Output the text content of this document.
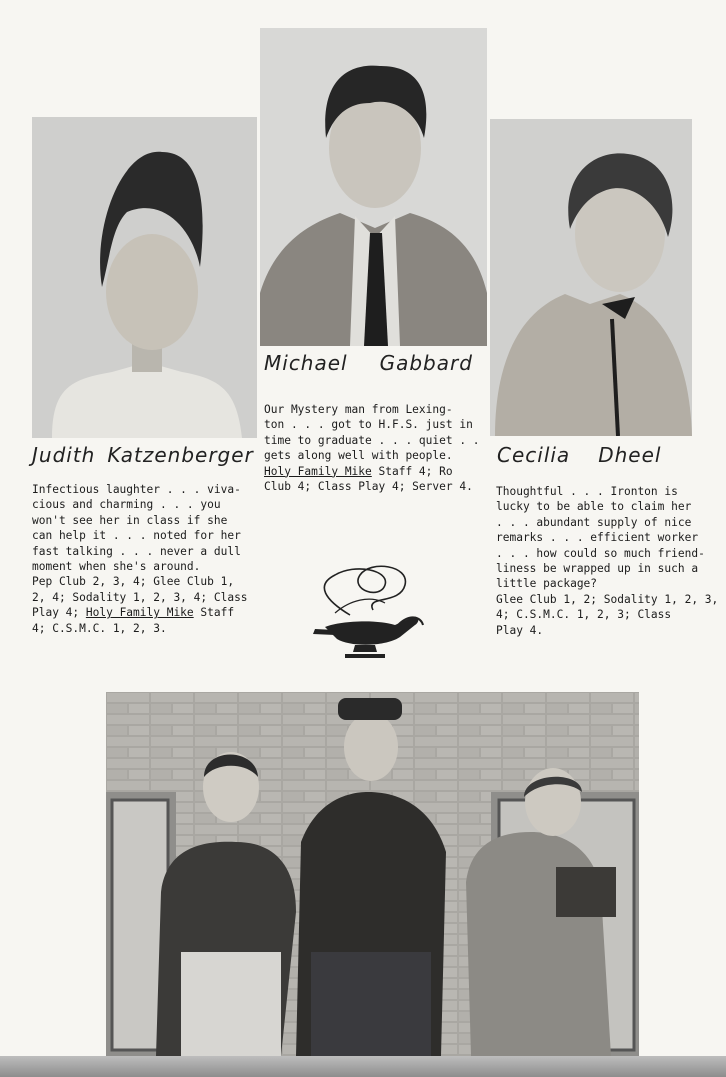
Judith Katzenberger
Michael Gabbard
Cecilia Dheel
Infectious laughter . . . viva-
cious and charming . . . you
won't see her in class if she
can help it . . . noted for her
fast talking . . . never a dull
moment when she's around.
Pep Club 2, 3, 4; Glee Club 1,
2, 4; Sodality 1, 2, 3, 4; Class
Play 4; Holy Family Mike Staff
4; C.S.M.C. 1, 2, 3.
Our Mystery man from Lexing-
ton . . . got to H.F.S. just in
time to graduate . . . quiet . .
gets along well with people.
Holy Family Mike Staff 4; Ro
Club 4; Class Play 4; Server 4.	Thoughtful . . . Ironton is
lucky to be able to claim her
. . . abundant supply of nice
remarks . . . efficient worker
. . . how could so much friend-
liness be wrapped up in such a
little package?
Glee Club 1, 2; Sodality 1, 2, 3,
4; C.S.M.C. 1, 2, 3; Class
Play 4.
